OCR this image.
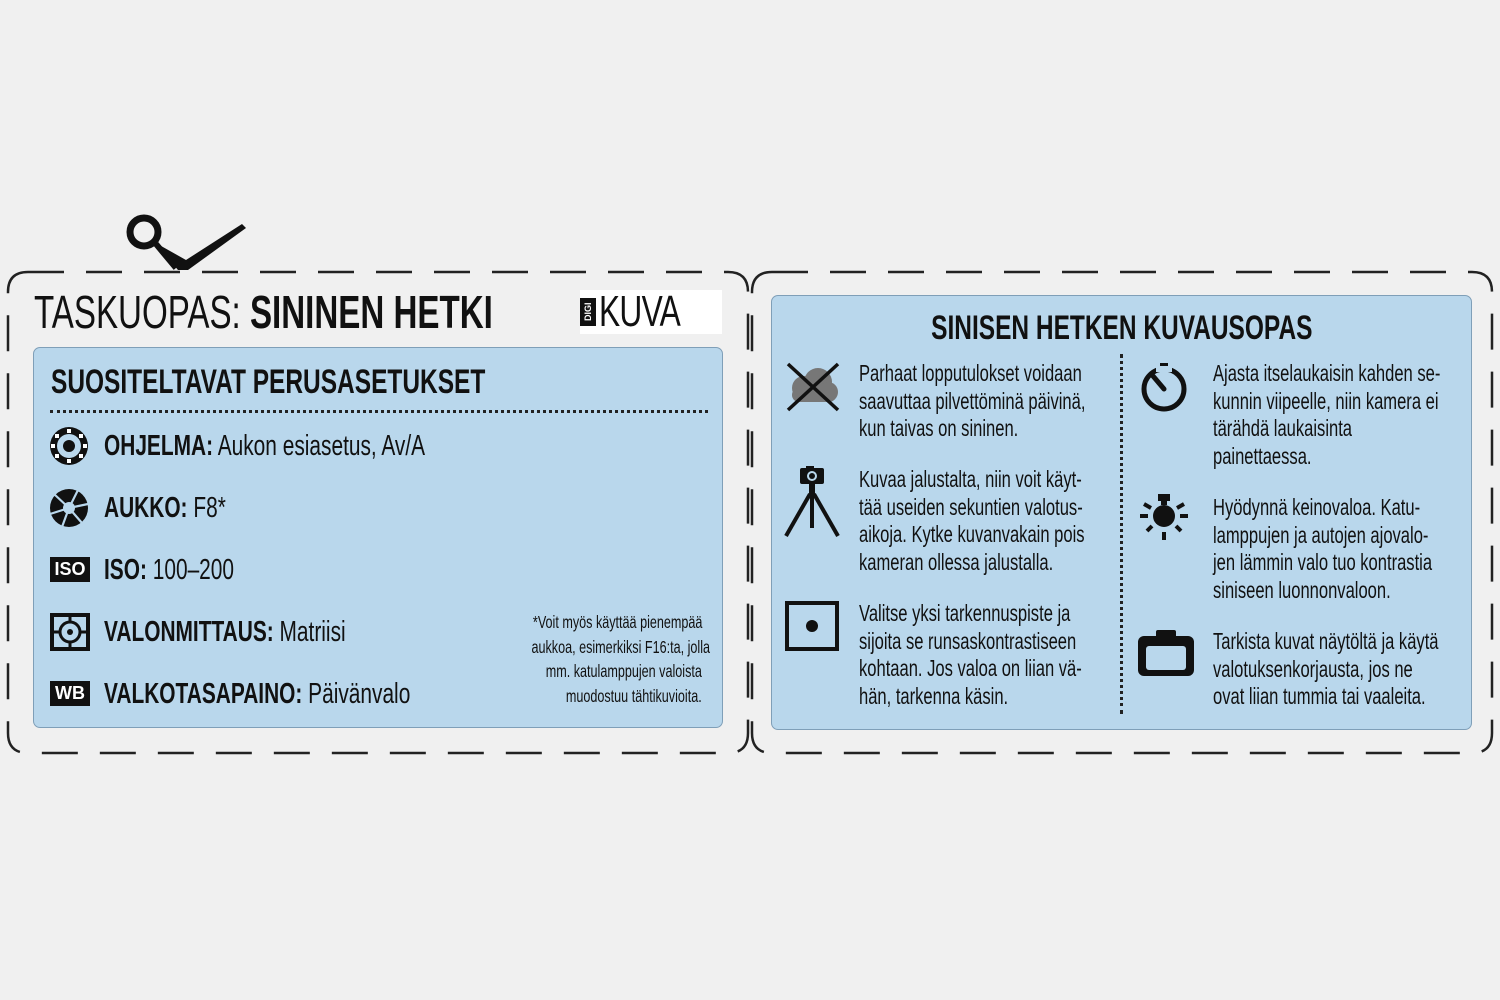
TASKUOPAS: SININEN HETKI	DIGI KUVA
SUOSITELTAVAT PERUSASETUKSET
OHJELMA: Aukon esiasetus, Av/A
AUKKO: F8*
ISO ISO: 100–200
VALONMITTAUS: Matriisi
WB VALKOTASAPAINO: Päivänvalo
*Voit myös käyttää pienempää
aukkoa, esimerkiksi F16:ta, jolla
mm. katulamppujen valoista
muodostuu tähtikuvioita.
SINISEN HETKEN KUVAUSOPAS
Parhaat lopputulokset voidaan
saavuttaa pilvettöminä päivinä,
kun taivas on sininen.
Kuvaa jalustalta, niin voit käyt-
tää useiden sekuntien valotus-
aikoja. Kytke kuvanvakain pois
kameran ollessa jalustalla.
Valitse yksi tarkennuspiste ja
sijoita se runsaskontrastiseen
kohtaan. Jos valoa on liian vä-
hän, tarkenna käsin.
Ajasta itselaukaisin kahden se-
kunnin viipeelle, niin kamera ei
tärähdä laukaisinta
painettaessa.
Hyödynnä keinovaloa. Katu-
lamppujen ja autojen ajovalo-
jen lämmin valo tuo kontrastia
siniseen luonnonvaloon.
Tarkista kuvat näytöltä ja käytä
valotuksenkorjausta, jos ne
ovat liian tummia tai vaaleita.
